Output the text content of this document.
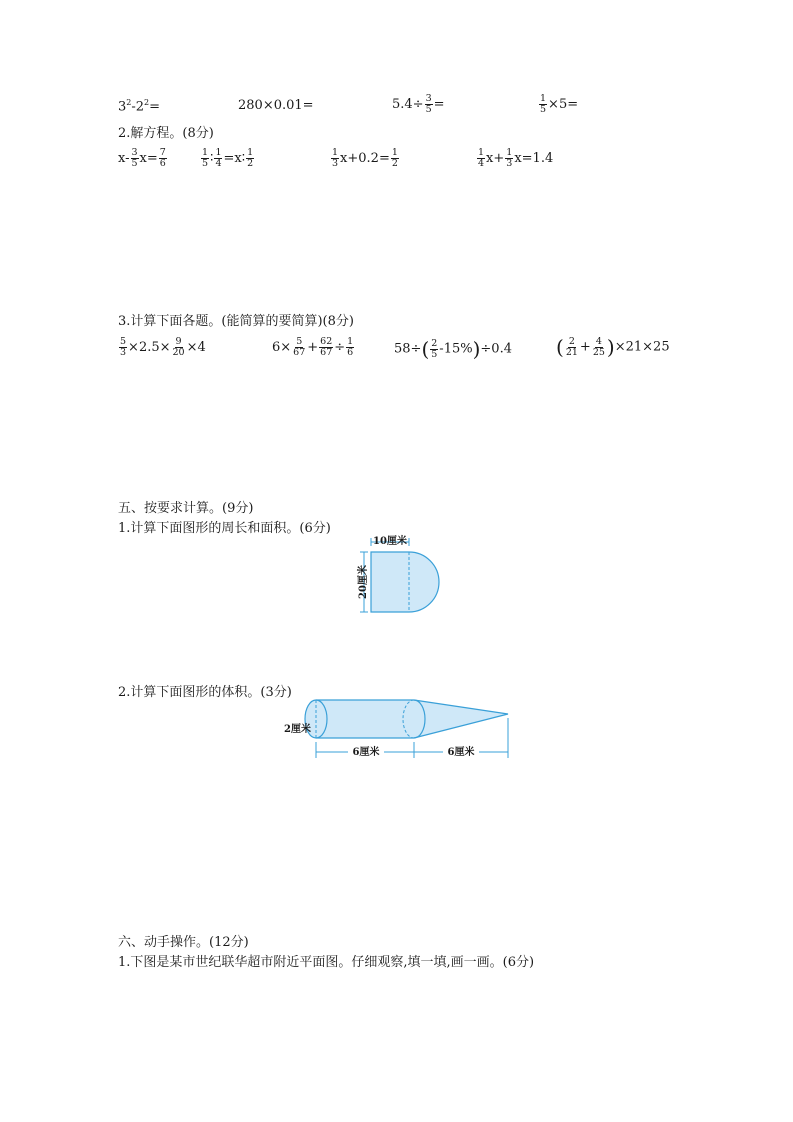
$3^2-2^2=$	280×0.01=	$5.4\div \frac{3}{5}$ =	$\frac{1}{5} \times 5=$
2.解方程。(8分)
$x- \frac{3}{5} x= \frac{7}{6}$	$\frac{1}{5}$ ∶ $\frac{1}{4}$ =x∶ $\frac{1}{2}$	$\frac{1}{3} x+0.2= \frac{1}{2}$	$\frac{1}{4} x+ \frac{1}{3} x=1.4$
3.计算下面各题。(能简算的要简算)(8分)
$\frac{5}{3} \times 2.5\times \frac{9}{20} \times 4$	$6\times \frac{5}{67} + \frac{62}{67} \div \frac{1}{6}$	$58\div( \frac{2}{5} -15\%)\div 0.4$ ( $\frac{2}{21} + \frac{4}{25} )\times 21\times 25$
五、按要求计算。(9分)
1.计算下面图形的周长和面积。(6分)
10厘米
20厘米
2.计算下面图形的体积。(3分)
2厘米
6厘米	6厘米
六、动手操作。(12分)
1.下图是某市世纪联华超市附近平面图。仔细观察,填一填,画一画。(6分)
